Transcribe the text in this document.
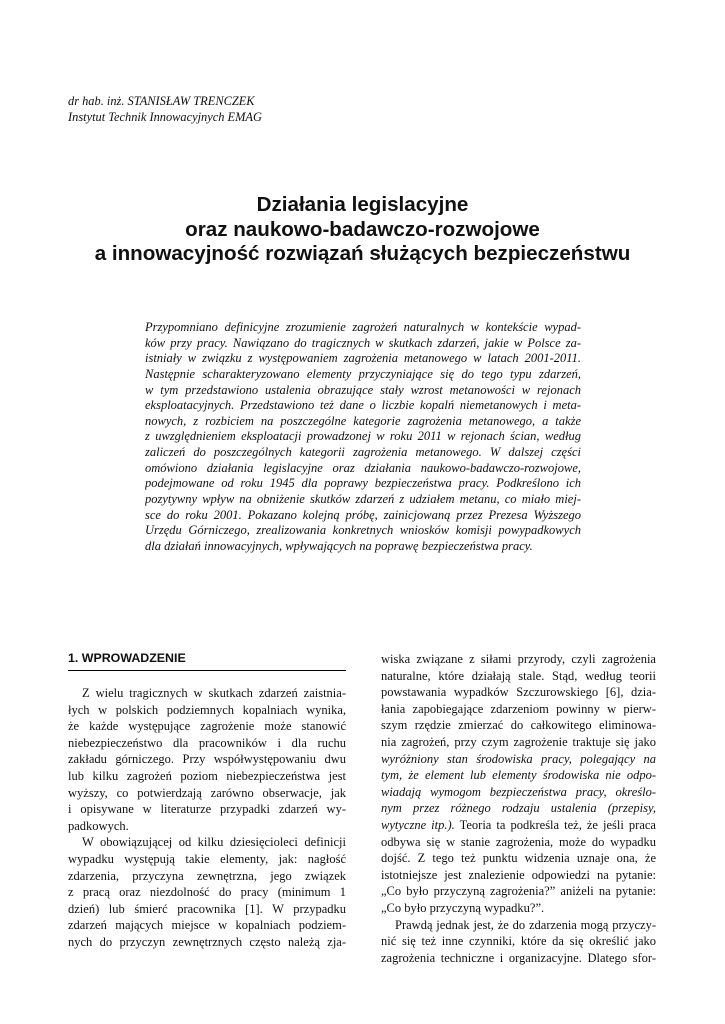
dr hab. inż. STANISŁAW TRENCZEK
Instytut Technik Innowacyjnych EMAG
Działania legislacyjne
oraz naukowo-badawczo-rozwojowe
a innowacyjność rozwiązań służących bezpieczeństwu
Przypomniano definicyjne zrozumienie zagrożeń naturalnych w kontekście wypad-
ków przy pracy. Nawiązano do tragicznych w skutkach zdarzeń, jakie w Polsce za-
istniały w związku z występowaniem zagrożenia metanowego w latach 2001-2011.
Następnie scharakteryzowano elementy przyczyniające się do tego typu zdarzeń,
w tym przedstawiono ustalenia obrazujące stały wzrost metanowości w rejonach
eksploatacyjnych. Przedstawiono też dane o liczbie kopalń niemetanowych i meta-
nowych, z rozbiciem na poszczególne kategorie zagrożenia metanowego, a także
z uwzględnieniem eksploatacji prowadzonej w roku 2011 w rejonach ścian, według
zaliczeń do poszczególnych kategorii zagrożenia metanowego. W dalszej części
omówiono działania legislacyjne oraz działania naukowo-badawczo-rozwojowe,
podejmowane od roku 1945 dla poprawy bezpieczeństwa pracy. Podkreślono ich
pozytywny wpływ na obniżenie skutków zdarzeń z udziałem metanu, co miało miej-
sce do roku 2001. Pokazano kolejną próbę, zainicjowaną przez Prezesa Wyższego
Urzędu Górniczego, zrealizowania konkretnych wniosków komisji powypadkowych
dla działań innowacyjnych, wpływających na poprawę bezpieczeństwa pracy.
1. WPROWADZENIE
Z wielu tragicznych w skutkach zdarzeń zaistnia-
łych w polskich podziemnych kopalniach wynika,
że każde występujące zagrożenie może stanowić
niebezpieczeństwo dla pracowników i dla ruchu
zakładu górniczego. Przy współwystępowaniu dwu
lub kilku zagrożeń poziom niebezpieczeństwa jest
wyższy, co potwierdzają zarówno obserwacje, jak
i opisywane w literaturze przypadki zdarzeń wy-
padkowych.
W obowiązującej od kilku dziesięcioleci definicji
wypadku występują takie elementy, jak: nagłość
zdarzenia, przyczyna zewnętrzna, jego związek
z pracą oraz niezdolność do pracy (minimum 1
dzień) lub śmierć pracownika [1]. W przypadku
zdarzeń mających miejsce w kopalniach podziem-
nych do przyczyn zewnętrznych często należą zja-
wiska związane z siłami przyrody, czyli zagrożenia
naturalne, które działają stale. Stąd, według teorii
powstawania wypadków Szczurowskiego [6], dzia-
łania zapobiegające zdarzeniom powinny w pierw-
szym rzędzie zmierzać do całkowitego eliminowa-
nia zagrożeń, przy czym zagrożenie traktuje się jako
wyróżniony stan środowiska pracy, polegający na
tym, że element lub elementy środowiska nie odpo-
wiadają wymogom bezpieczeństwa pracy, określo-
nym przez różnego rodzaju ustalenia (przepisy,
wytyczne itp.). Teoria ta podkreśla też, że jeśli praca
odbywa się w stanie zagrożenia, może do wypadku
dojść. Z tego też punktu widzenia uznaje ona, że
istotniejsze jest znalezienie odpowiedzi na pytanie:
„Co było przyczyną zagrożenia?” aniżeli na pytanie:
„Co było przyczyną wypadku?”.
Prawdą jednak jest, że do zdarzenia mogą przyczy-
nić się też inne czynniki, które da się określić jako
zagrożenia techniczne i organizacyjne. Dlatego sfor-
